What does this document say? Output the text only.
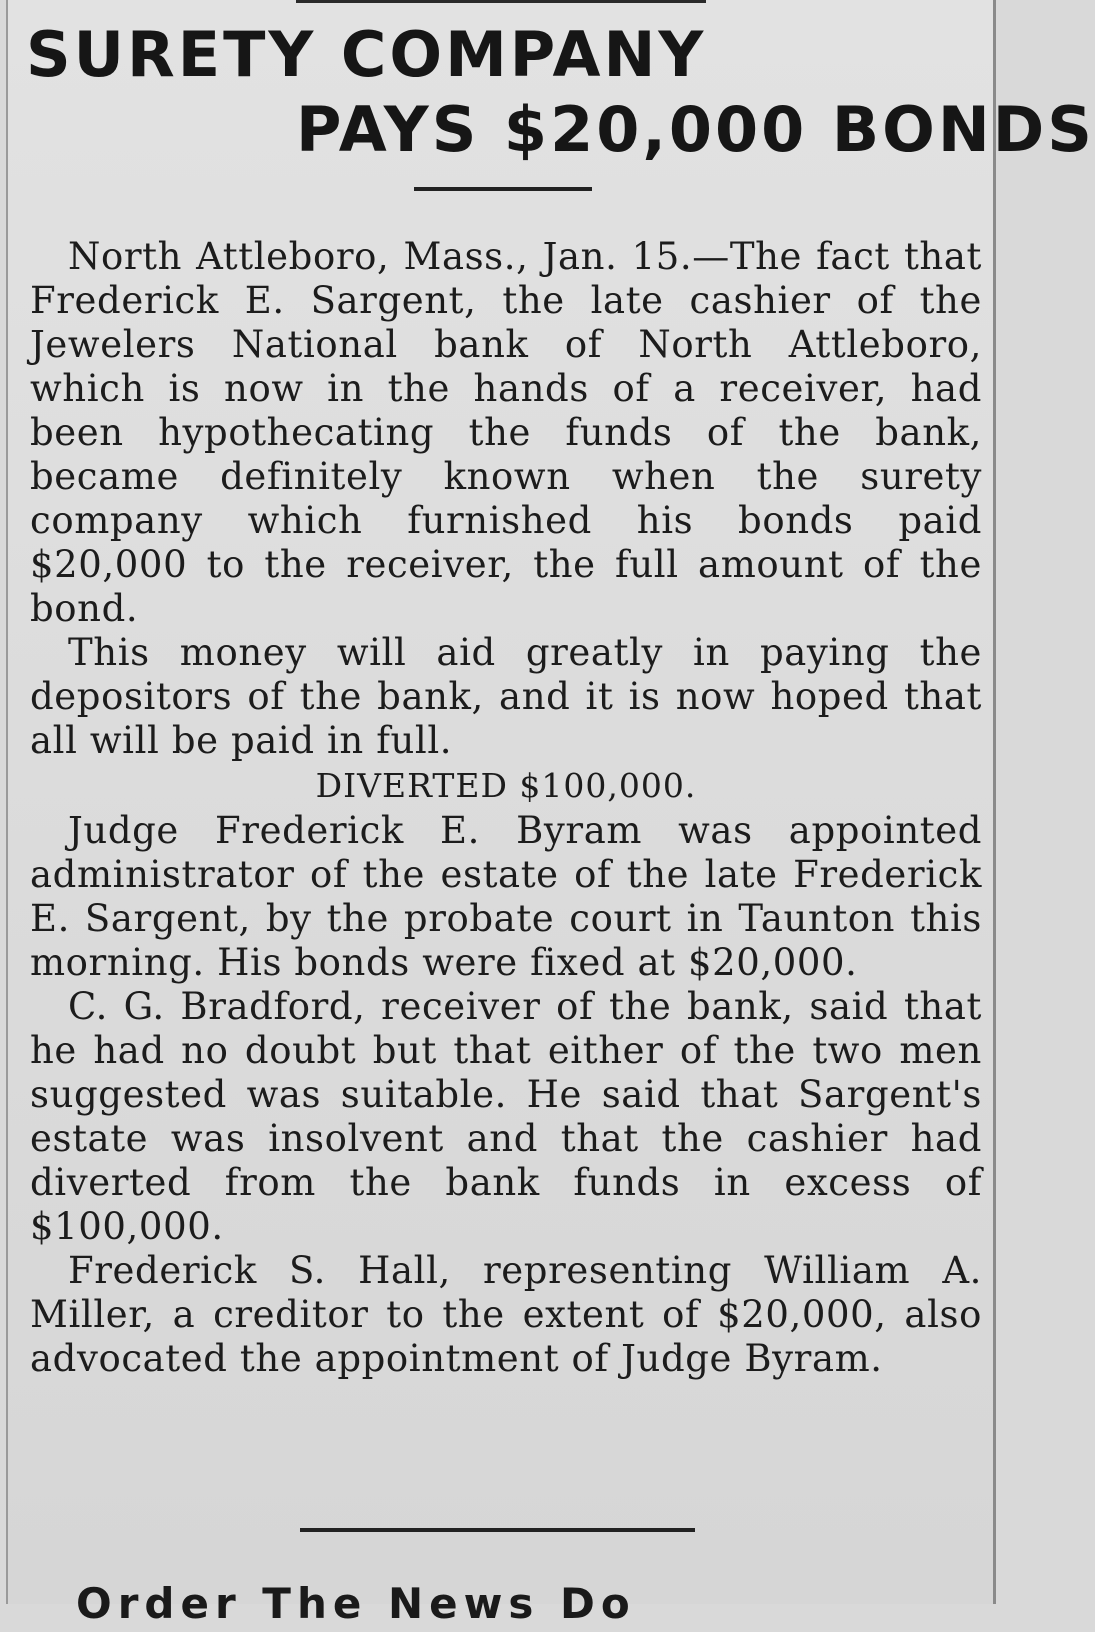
SURETY COMPANY
PAYS $20,000 BONDS

North Attleboro, Mass., Jan. 15.—The fact that Frederick E. Sargent, the late cashier of the Jewelers National bank of North Attleboro, which is now in the hands of a receiver, had been hypothecating the funds of the bank, became definitely known when the surety company which furnished his bonds paid $20,000 to the receiver, the full amount of the bond.

This money will aid greatly in paying the depositors of the bank, and it is now hoped that all will be paid in full.

DIVERTED $100,000.

Judge Frederick E. Byram was appointed administrator of the estate of the late Frederick E. Sargent, by the probate court in Taunton this morning. His bonds were fixed at $20,000.

C. G. Bradford, receiver of the bank, said that he had no doubt but that either of the two men suggested was suitable. He said that Sargent's estate was insolvent and that the cashier had diverted from the bank funds in excess of $100,000.

Frederick S. Hall, representing William A. Miller, a creditor to the extent of $20,000, also advocated the appointment of Judge Byram.

Order The News Do
